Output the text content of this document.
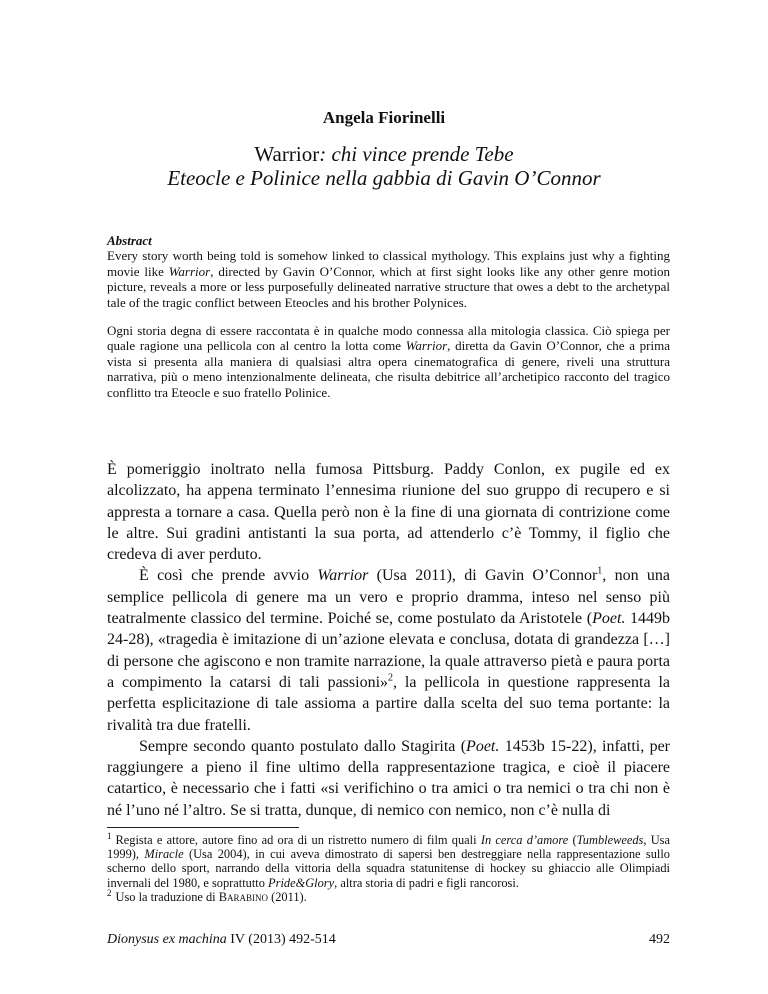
Angela Fiorinelli
Warrior: chi vince prende Tebe
Eteocle e Polinice nella gabbia di Gavin O’Connor

Abstract
Every story worth being told is somehow linked to classical mythology. This explains just why a fighting movie like Warrior, directed by Gavin O’Connor, which at first sight looks like any other genre motion picture, reveals a more or less purposefully delineated narrative structure that owes a debt to the archetypal tale of the tragic conflict between Eteocles and his brother Polynices.

Ogni storia degna di essere raccontata è in qualche modo connessa alla mitologia classica. Ciò spiega per quale ragione una pellicola con al centro la lotta come Warrior, diretta da Gavin O’Connor, che a prima vista si presenta alla maniera di qualsiasi altra opera cinematografica di genere, riveli una struttura narrativa, più o meno intenzionalmente delineata, che risulta debitrice all’archetipico racconto del tragico conflitto tra Eteocle e suo fratello Polinice.

È pomeriggio inoltrato nella fumosa Pittsburg. Paddy Conlon, ex pugile ed ex alcolizzato, ha appena terminato l’ennesima riunione del suo gruppo di recupero e si appresta a tornare a casa. Quella però non è la fine di una giornata di contrizione come le altre. Sui gradini antistanti la sua porta, ad attenderlo c’è Tommy, il figlio che credeva di aver perduto.

È così che prende avvio Warrior (Usa 2011), di Gavin O’Connor$^1$, non una semplice pellicola di genere ma un vero e proprio dramma, inteso nel senso più teatralmente classico del termine. Poiché se, come postulato da Aristotele (Poet. 1449b 24-28), «tragedia è imitazione di un’azione elevata e conclusa, dotata di grandezza […] di persone che agiscono e non tramite narrazione, la quale attraverso pietà e paura porta a compimento la catarsi di tali passioni»$^2$, la pellicola in questione rappresenta la perfetta esplicitazione di tale assioma a partire dalla scelta del suo tema portante: la rivalità tra due fratelli.

Sempre secondo quanto postulato dallo Stagirita (Poet. 1453b 15-22), infatti, per raggiungere a pieno il fine ultimo della rappresentazione tragica, e cioè il piacere catartico, è necessario che i fatti «si verifichino o tra amici o tra nemici o tra chi non è né l’uno né l’altro. Se si tratta, dunque, di nemico con nemico, non c’è nulla di

$^1$ Regista e attore, autore fino ad ora di un ristretto numero di film quali In cerca d’amore (Tumbleweeds, Usa 1999), Miracle (Usa 2004), in cui aveva dimostrato di sapersi ben destreggiare nella rappresentazione sullo scherno dello sport, narrando della vittoria della squadra statunitense di hockey su ghiaccio alle Olimpiadi invernali del 1980, e soprattutto Pride&Glory, altra storia di padri e figli rancorosi.

$^2$ Uso la traduzione di Barabino (2011).

Dionysus ex machina IV (2013) 492-514	492
